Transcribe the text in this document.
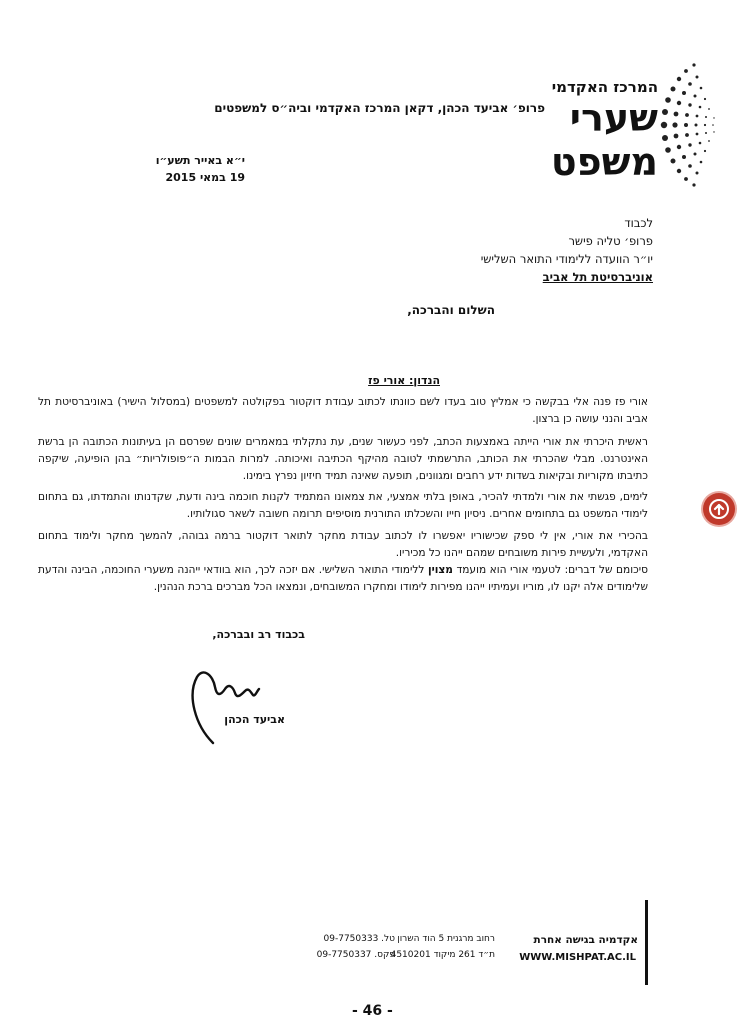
המרכז האקדמי
שערי
משפט
פרופ׳ אביעד הכהן, דקאן המרכז האקדמי וביה״ס למשפטים
י״א באייר תשע״ו
19 במאי 2015
לכבוד
פרופ׳ טליה פישר
יו״ר הוועדה ללימודי התואר השלישי
אוניברסיטת תל אביב
השלום והברכה,
הנדון: אורי פז
אורי פז פנה אלי בבקשה כי אמליץ טוב בעדו לשם כוונתו לכתוב עבודת דוקטור בפקולטה למשפטים (במסלול הישיר) באוניברסיטת תל אביב והנני עושה כן ברצון.
ראשית היכרתי את אורי הייתה באמצעות הכתב, לפני כעשור שנים, עת נתקלתי במאמרים שונים שפרסם הן בעיתונות הכתובה הן ברשת האינטרנט. מבלי שהכרתי את הכותב, התרשמתי לטובה מהיקף הכתיבה ואיכותה. למרות הבמות ה״פופולריות״ בהן הופיעה, שיקפה כתיבתו מקוריות ובקיאות בשדות ידע רחבים ומגוונים, תופעה שאינה תמיד חיזיון נפרץ בימינו.
לימים, פגשתי את אורי ולמדתי להכיר, באופן בלתי אמצעי, את צמאונו המתמיד לקנות חוכמה בינה ודעת, שקדנותו והתמדתו, גם בתחום לימודי המשפט גם בתחומים אחרים. ניסיון חייו והשכלתו התורנית מוסיפים תרומה חשובה לשאר סגולותיו.
בהכירי את אורי, אין לי ספק שכישוריו יאפשרו לו לכתוב עבודת מחקר לתואר דוקטור ברמה גבוהה, להמשך מחקר ולימוד בתחום האקדמי, ולעשיית פירות משובחים שמהם ייהנו כל מכיריו.
סיכומם של דברים: לטעמי אורי הוא מועמד מצוין ללימודי התואר השלישי. אם יזכה לכך, הוא בוודאי ייהנה משערי החוכמה, הבינה והדעת שלימודים אלה יקנו לו, מוריו ועמיתיו ייהנו מפירות לימודו ומחקרו המשובחים, ונמצאו הכל מברכים ברכת הנהנין.
בכבוד רב ובברכה,
אביעד הכהן
אקדמיה בגישה אחרת
WWW.MISHPAT.AC.IL
רחוב מרגנית 5 הוד השרון
ת״ד 261 מיקוד 4510201
טל. 09-7750333
פקס. 09-7750337
- 46 -
